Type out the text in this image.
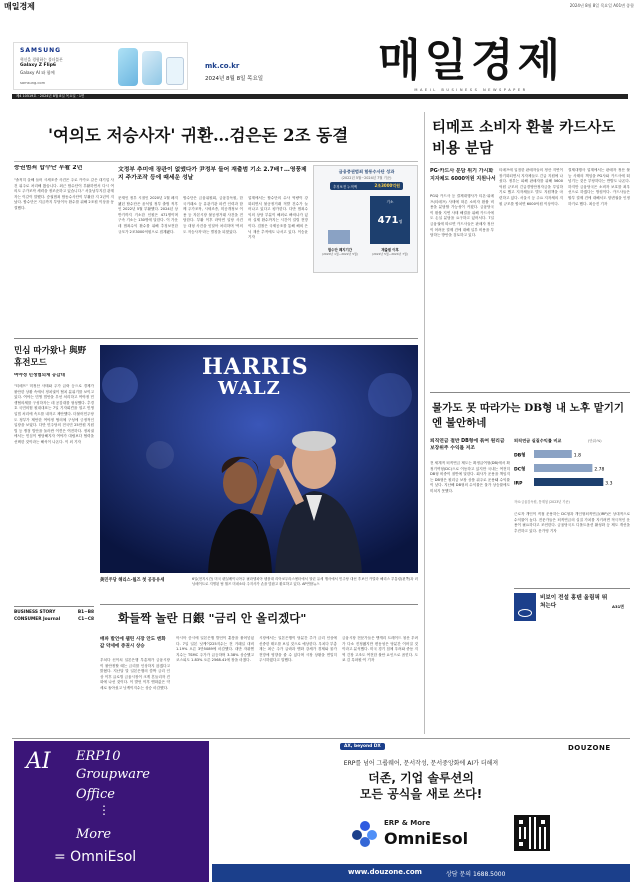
매일경제	2024년 8월 8일 목요일 A01면 종합
SAMSUNG
혁신을 경험하는 폴더블폰
Galaxy Z Flip6
Galaxy AI 와 함께
samsung.com
mk.co.kr
2024년 8월 8일 목요일	매일경제
MAEIL BUSINESS NEWSPAPER
제4 10519호 · 2024년 8월 8일 목요일 · 1면
'여의도 저승사자' 귀환…검은돈 2조 동결
증권범죄 합수단 부활 2년
"솔직히 올해 들어 시세조종 사건은 주로 카카오 같은 대기업 사건 위주로 처리해 왔습니다. 최근 합수단이 부활하면서 다시 여의도 주가조작 세력을 정조준하고 있습니다." 서울남부지검 관계자는 이같이 말했다. 증권범죄 합동수사단이 부활한 지 2년이 지났다. 합수단은 지금까지 부당이득 환수를 위해 2조원 이상을 동결했다.
文정부 추미애 장관이 없앴다가 尹정부 들어 재출범 기소 2.7배↑…영풍제지 주가조작 등에 때세운 성날
문재인 정부 시절인 2020년 1월 폐지됐던 합수단은 윤석열 정부 출범 직후인 2022년 5월 부활했다. 2024년 상반기까지 기소한 인원은 471명이며 구속 기소는 130명에 달한다. 이 가운데 범죄수익 환수를 위해 추징보전한 규모가 2조3000억원으로 집계됐다.
합수단은 금융위원회, 금융감독원, 한국거래소 등 유관기관 파견 인력과 함께 주가조작, 시세조종, 미공개정보 이용 등 자본시장 불공정거래 사건을 전담한다. 부활 이후 라덕연 일당 사건 등 대형 사건을 잇달아 처리하며 '여의도 저승사자'라는 별칭을 되찾았다.
업계에서는 합수단의 수사 역량이 강화되면서 불공정거래 적발 건수가 늘어나고 있다고 평가한다. 다만 범죄수익의 상당 부분이 해외로 빠져나가 있어 실제 환수까지는 시간이 걸릴 전망이다. 검찰은 국제공조를 통해 해외 은닉 재산 추적에도 나서고 있다. 이승윤 기자
금융증권범죄 합동수사단 성과
(2022년 5월~2024년 7월 기준)
추징보전 누적액	2조3000억원
471명
기소
합수단 폐지기간
(2020년 1월~2022년 5월)
재출범 이후
(2022년 5월~2024년 7월)
티메프 소비자 환불 카드사도 비용 분담
PG·카드사 분담 위기 가시화 지자체도 6000억원 지원나서
PG와 카드사 등 결제대행사가 티몬·위메프(티메프) 사태에 따른 소비자 환불 비용을 분담할 가능성이 커졌다. 금융당국이 환불 지연 사태 해결을 위해 카드사에도 손실 분담을 요구하고 있어서다. 7일 금융권에 따르면 카드사들은 판매자 정산이 어려운 결제 건에 대해 일부 비용을 부담하는 방안을 검토하고 있다.
티메프에 입점한 판매자들의 정산 지연이 장기화되면서 지자체들도 긴급 지원에 나섰다. 정부는 피해 판매자를 위해 5600억원 규모의 긴급경영안정자금을 투입하기로 했고 지자체들도 별도 지원책을 마련하고 있다. 서울시 등 주요 지자체의 지원 규모를 합치면 6000억원 이상이다.
결제대행사 업계에서는 판매자 정산 불능 사태의 책임을 PG사와 카드사에 떠넘기는 것은 부당하다는 반발도 나온다. 하지만 금융당국은 소비자 보호를 최우선으로 하겠다는 방침이다. 카드사들은 할부 결제 건에 대해서도 항변권을 인정하기로 했다. 최승진 기자
민심 따가왔나 與野 휴전모드
여야정 민생협의체 공감대
"티메프" 미정산 사태와 주가 급락 등으로 경제가 불안한 상황 속에서 정치권이 협치 분위기를 보이고 있다. 여야는 민생 법안을 우선 처리하고 여야정 민생협의체를 구성하자는 데 공감대를 형성했다. 추경호 국민의힘 원내대표는 7일 기자회견을 열고 민생 입법 처리에 속도를 내자고 제안했다. 더불어민주당도 정부가 제안한 여야정 협의체 구성에 긍정적인 입장을 보였다. 다만 민주당의 전국민 25만원 지원법 등 쟁점 법안을 둘러싼 이견은 여전하다. 정치권에서는 민심이 냉담해지자 여야가 대립보다 협력을 선택한 것이라는 해석이 나온다. 이 외 기자
BUSINESS STORY	B1~B8
CONSUMER Journal	C1~C8
HARRIS
WALZ
美민주당 해리스·월즈 첫 공동유세	6일(현지시간) 미국 펜실베이니아주 필라델피아 템플대 리아코우라스센터에서 열린 유세 행사에서 민주당 대선 후보인 카멀라 해리스 부통령(왼쪽)과 러닝메이트로 지명된 팀 월즈 미네소타 주지사가 손을 맞잡고 환호하고 있다. AP연합뉴스
화들짝 놀란 日銀 "금리 안 올리겠다"
매파 발언에 웹틴 시장 안도 엔화값 약세에 증권시 상승
우치다 신이치 일본은행 부총재가 금융시장이 불안정할 때는 금리를 인상하지 않겠다고 밝혔다. 지난달 말 일본은행의 깜짝 금리 인상 이후 글로벌 금융시장이 크게 흔들리자 진화에 나선 것이다. 이 발언 이후 엔화값은 약세로 돌아섰고 닛케이지수는 상승 마감했다.
아시아 증시에 일본은행 발언이 훈풍을 불어넣었다. 7일 일본 닛케이225지수는 전 거래일 대비 1.19% 오른 3만5089에 마감했다. 대만 자취엔지수는 TSMC 주가가 급등하며 3.38% 상승했고 코스피도 1.83% 오른 2568.41에 장을 마쳤다.
시장에서는 일본은행이 당분간 추가 금리 인상에 신중한 태도를 보일 것으로 예상한다. 우치다 부총재는 최근 주가 급락과 엔화 강세가 경제와 물가 전망에 영향을 줄 수 있다며 시장 상황을 면밀히 주시하겠다고 말했다.
금융시장 전문가들은 엔캐리 트레이드 청산 우려가 다소 진정됐지만 변동성은 당분간 이어질 것이라고 분석했다. 미국 경기 침체 우려와 중동 지역 긴장 고조도 여전한 불안 요인으로 꼽힌다. 도쿄 김 특파원·이 기자
물가도 못 따라가는 DB형 내 노후 맡기기엔 불안하네
퇴직연금 절반 DB형에 묶여 원리금 보장위주 수익률 저조
전 세계적 퇴직연금 제도는 확정급여형(DB)에서 확정기여형(DC)으로 이동하고 있지만 국내는 여전히 DB형 비중이 절반에 달한다. 회사가 운용을 책임지는 DB형은 원리금 보장 상품 위주로 운용돼 수익률이 낮다. 지난해 DB형의 수익률은 물가 상승률에도 미치지 못했다.
근로자 개인이 직접 운용하는 DC형과 개인형퇴직연금(IRP)은 상대적으로 수익률이 높다. 전문가들은 퇴직연금의 실질 가치를 지키려면 적극적인 운용이 필요하다고 조언한다. 금융당국도 디폴트옵션 활성화 등 제도 개선을 추진하고 있다. 문가영 기자
퇴직연금 실질수익률 비교	(단위:%)
DB형	1.8
DC형	2.78
IRP	3.3
자료:금융감독원, 통계청 (2023년 기준)
비보이 전설 홍텐 올림픽 뛰쳐는다	A31면
AI ERP10
Groupware
Office
⋮
More
= OmniEsol
AX, beyond DX	DOUZONE
ERP를 넘어 그룹웨어, 문서작성, 문서중앙화에 AI가 더해져
더존, 기업 솔루션의
모든 공식을 새로 쓰다!
ERP & More
OmniEsol
www.douzone.com	상담 문의 1688.5000
